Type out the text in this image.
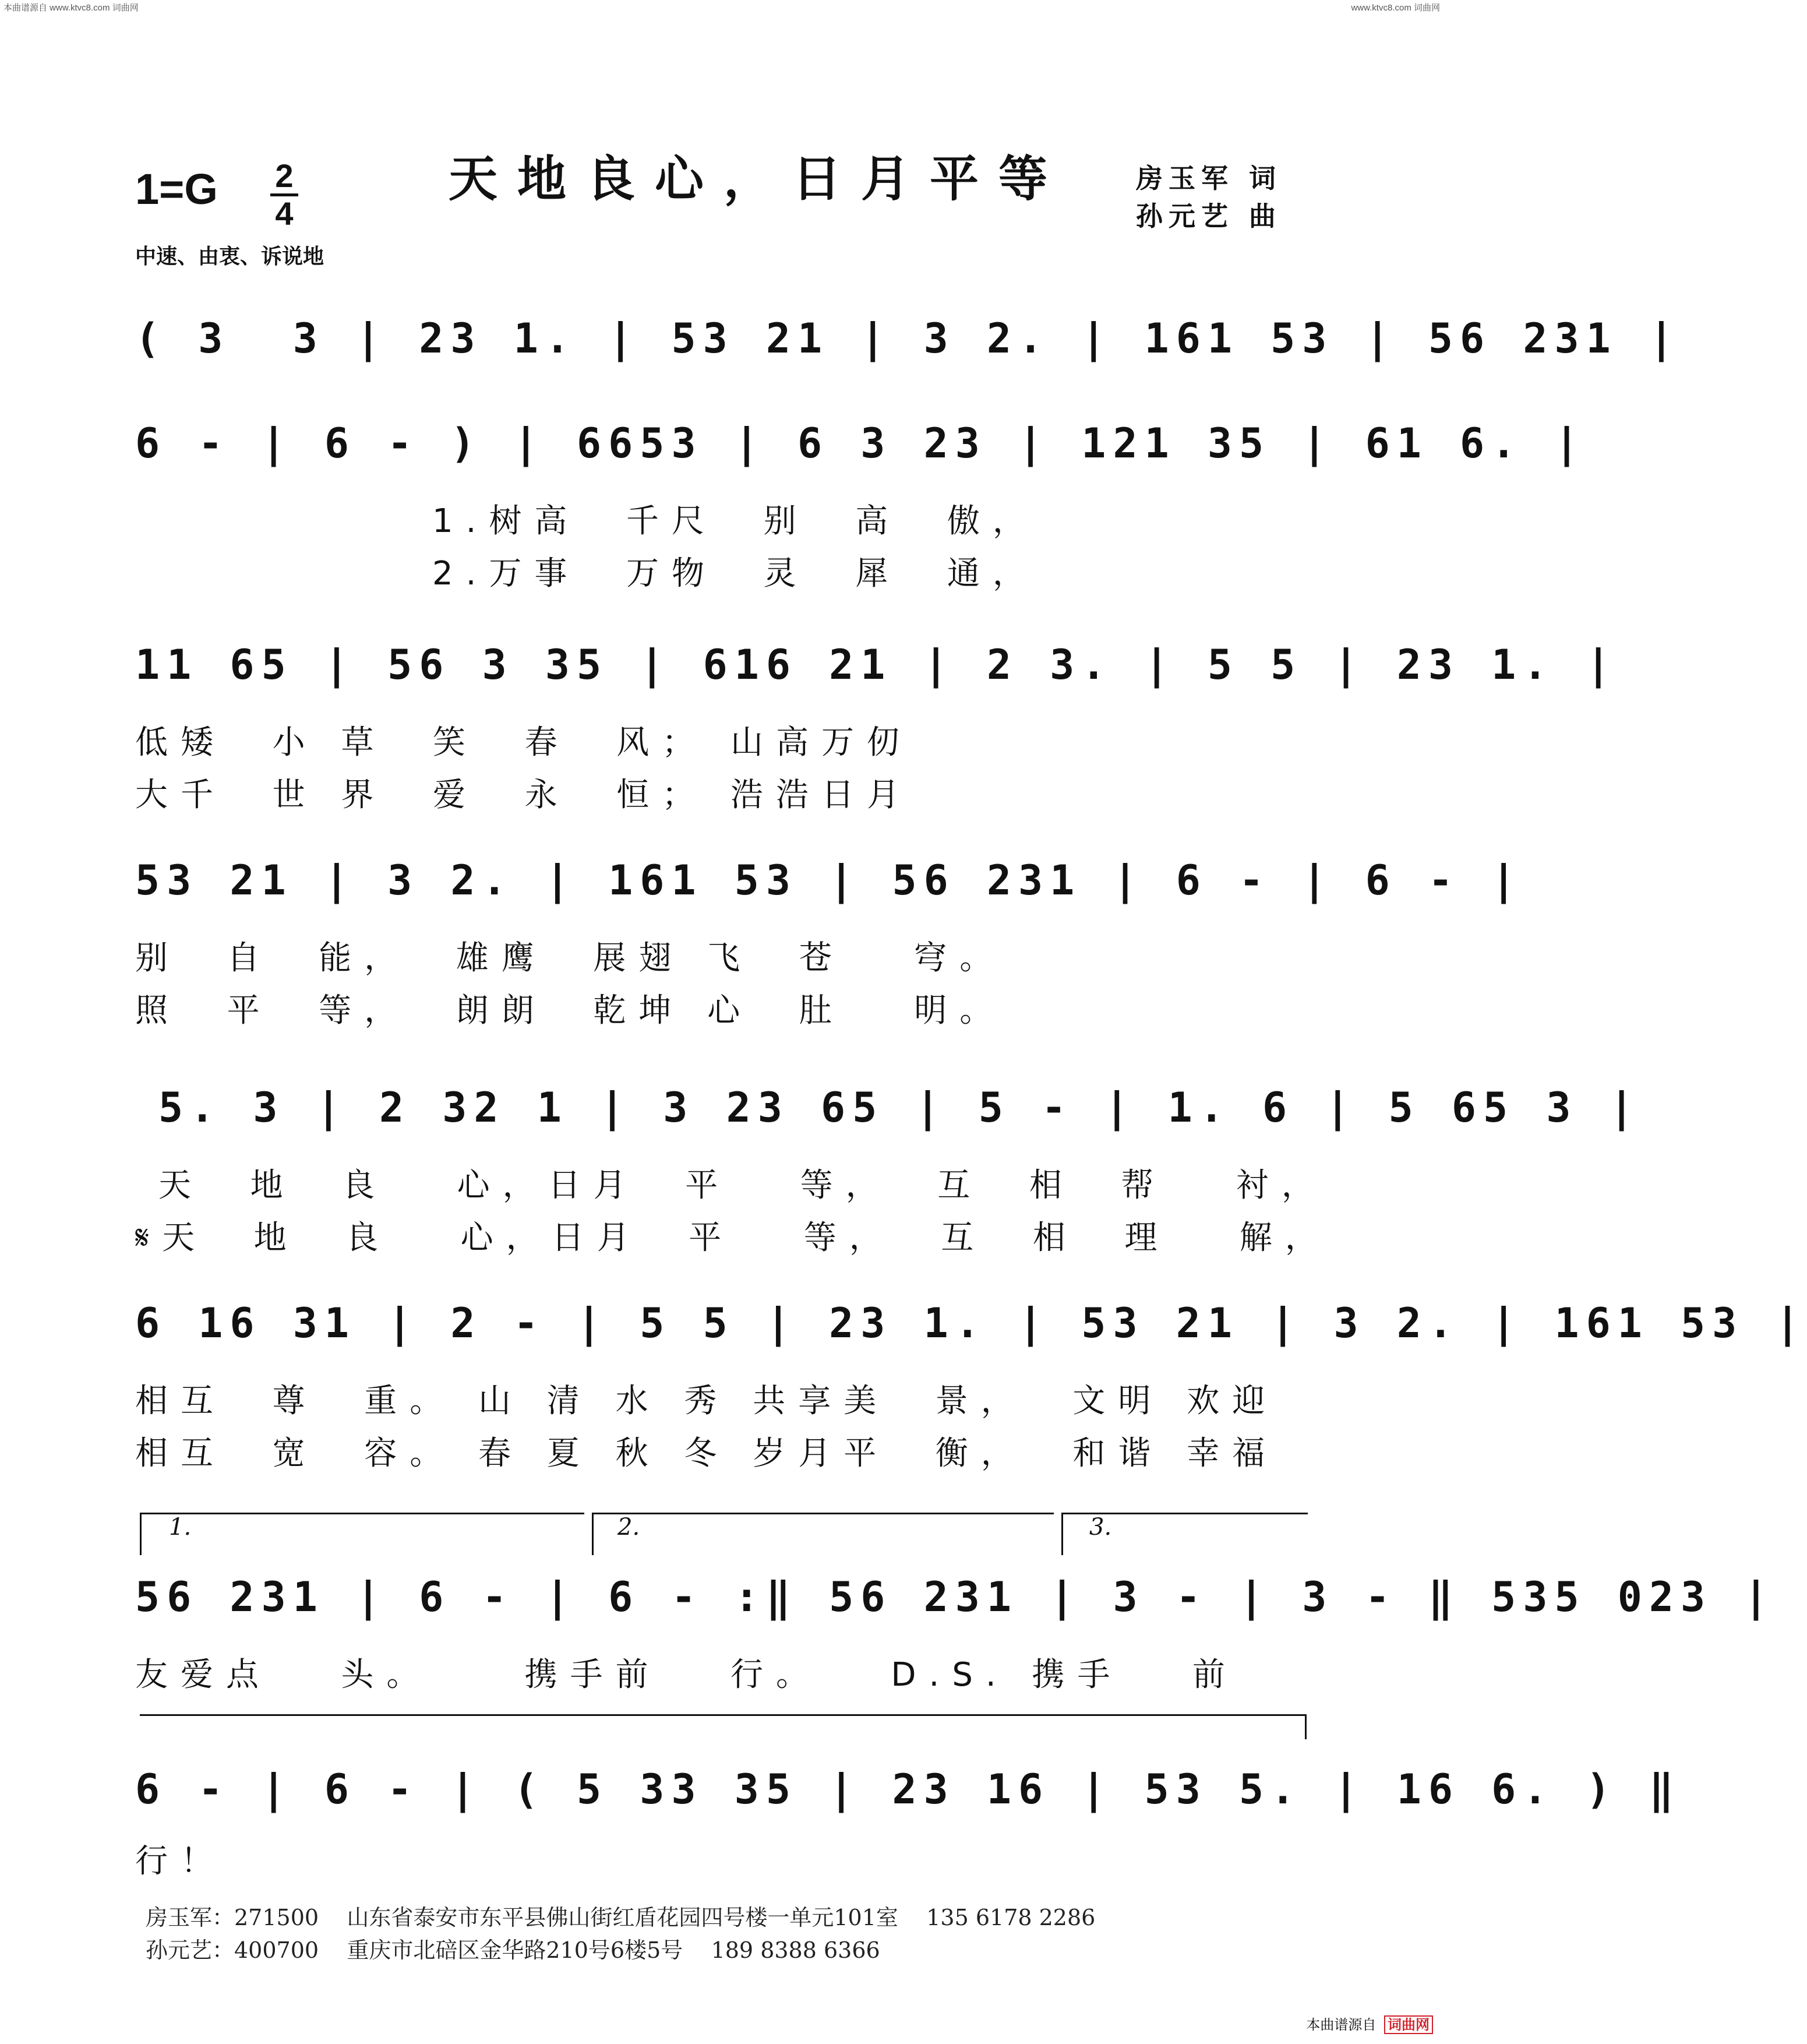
本曲谱源自 www.ktvc8.com 词曲网	www.ktvc8.com 词曲网
1=G 2
4
天地良心，日月平等	房玉军 词
孙元艺 曲
中速、由衷、诉说地
( 3  3 | 23 1. | 53 21 | 3 2. | 161 53 | 56 231 |
6 - | 6 - ) | 6653 | 6 3 23 | 121 35 | 61 6. |
1.树高  千尺  别  高  傲，
2.万事  万物  灵  犀  通，
11 65 | 56 3 35 | 616 21 | 2 3. | 5 5 | 23 1. |
低矮  小 草  笑  春  风； 山高万仞
大千  世 界  爱  永  恒； 浩浩日月
53 21 | 3 2. | 161 53 | 56 231 | 6 - | 6 - |
别  自  能，  雄鹰  展翅 飞  苍   穹。
照  平  等，  朗朗  乾坤 心  肚   明。
5. 3 | 2 32 1 | 3 23 65 | 5 - | 1. 6 | 5 65 3 |
天  地  良   心，日月  平   等，  互  相  帮   衬，
𝄋天  地  良   心，日月  平   等，  互  相  理   解，
6 16 31 | 2 - | 5 5 | 23 1. | 53 21 | 3 2. | 161 53 |
相互  尊  重。 山 清 水 秀 共享美  景，  文明 欢迎
相互  宽  容。 春 夏 秋 冬 岁月平  衡，  和谐 幸福
1.	2.	3.
56 231 | 6 - | 6 - :‖ 56 231 | 3 - | 3 - ‖ 535 023 |
友爱点   头。    携手前   行。   D.S. 携手   前
6 - | 6 - | ( 5 33 35 | 23 16 | 53 5. | 16 6. ) ‖
行！
房玉军：271500    山东省泰安市东平县佛山街红盾花园四号楼一单元101室    135 6178 2286
孙元艺：400700    重庆市北碚区金华路210号6楼5号    189 8388 6366
本曲谱源自 词曲网
